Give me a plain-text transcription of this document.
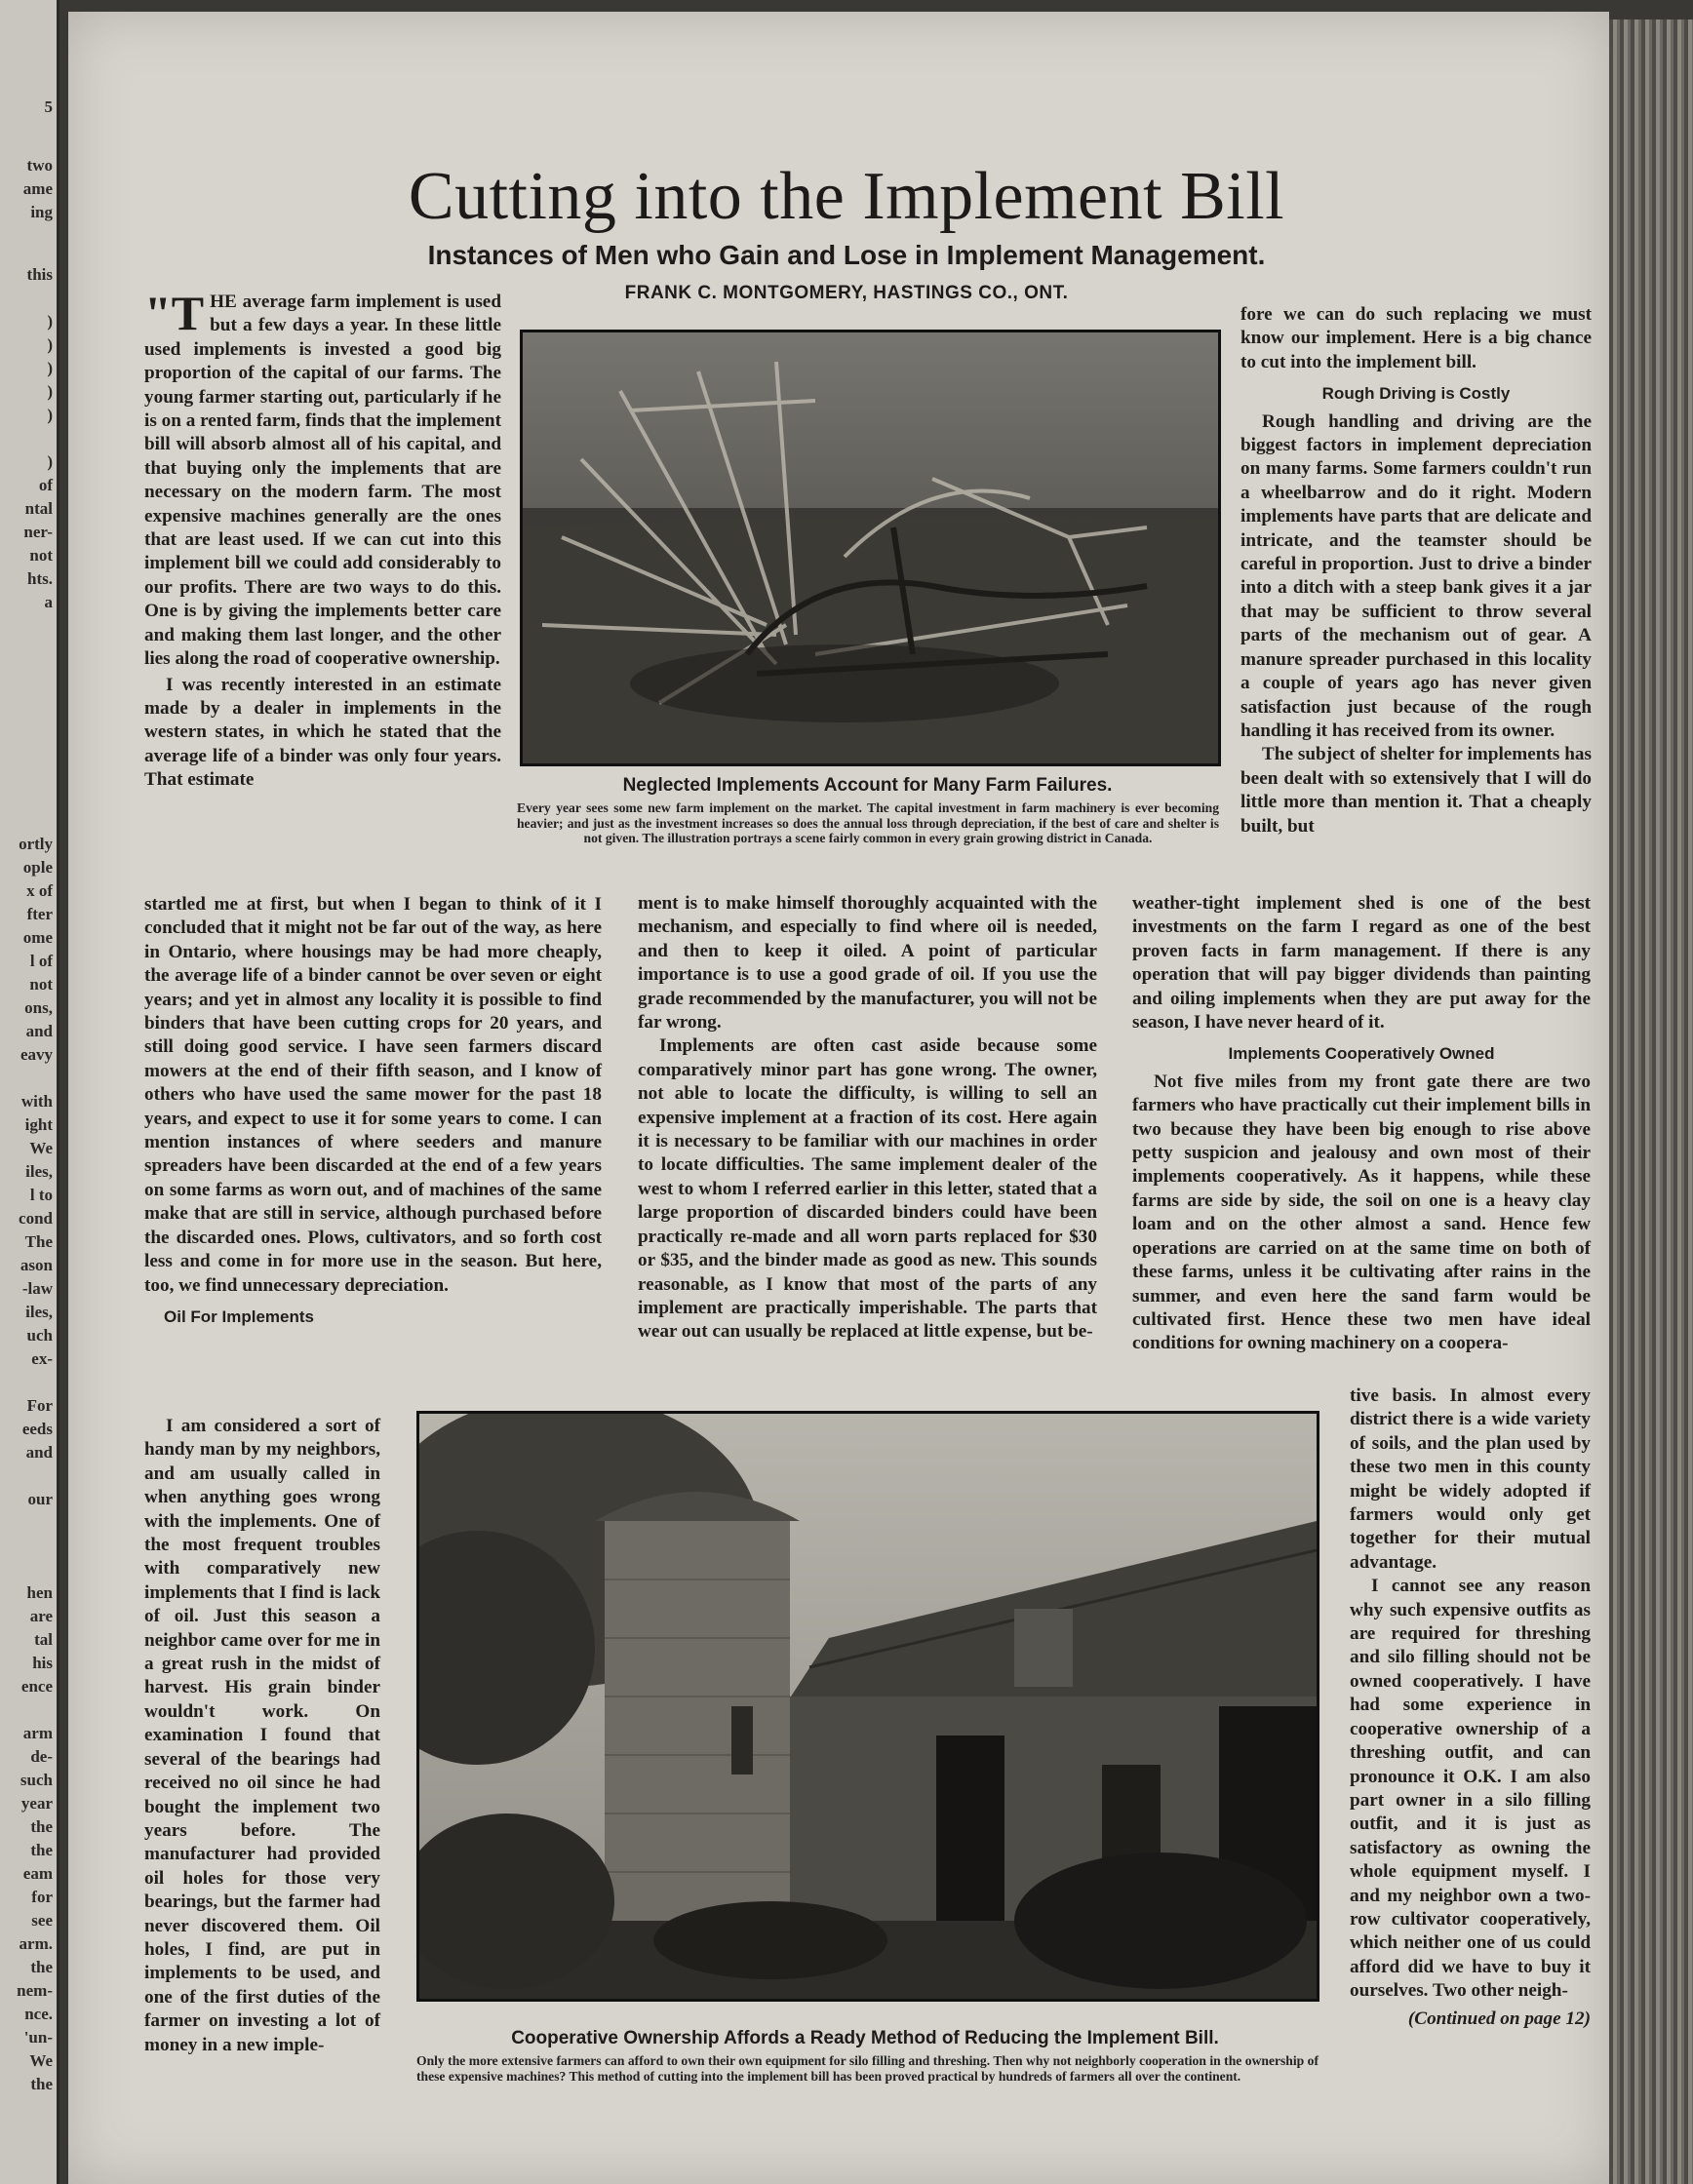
5
two
ame
ing
this
)
)
)
)
)
)
of
ntal
ner-
not
hts.
a
ortly
ople
x of
fter
ome
l of
not
ons,
and
eavy
with
ight
We
iles,
l to
cond
The
ason
-law
iles,
uch
ex-
For
eeds
and
our
hen
are
tal
his
ence
arm
de-
such
year
the
the
eam
for
see
arm.
the
nem-
nce.
'un-
We
the
Cutting into the Implement Bill
Instances of Men who Gain and Lose in Implement Management.
FRANK C. MONTGOMERY, HASTINGS CO., ONT.

"THE average farm implement is used but a few days a year. In these little used implements is invested a good big proportion of the capital of our farms. The young farmer starting out, particularly if he is on a rented farm, finds that the implement bill will absorb almost all of his capital, and that buying only the implements that are necessary on the modern farm. The most expensive machines generally are the ones that are least used. If we can cut into this implement bill we could add considerably to our profits. There are two ways to do this. One is by giving the implements better care and making them last longer, and the other lies along the road of cooperative ownership.

I was recently interested in an estimate made by a dealer in implements in the western states, in which he stated that the average life of a binder was only four years. That estimate	Neglected Implements Account for Many Farm Failures.
Every year sees some new farm implement on the market. The capital investment in farm machinery is ever becoming heavier; and just as the investment increases so does the annual loss through depreciation, if the best of care and shelter is not given. The illustration portrays a scene fairly common in every grain growing district in Canada.

fore we can do such replacing we must know our implement. Here is a big chance to cut into the implement bill.

Rough Driving is Costly

Rough handling and driving are the biggest factors in implement depreciation on many farms. Some farmers couldn't run a wheelbarrow and do it right. Modern implements have parts that are delicate and intricate, and the teamster should be careful in proportion. Just to drive a binder into a ditch with a steep bank gives it a jar that may be sufficient to throw several parts of the mechanism out of gear. A manure spreader purchased in this locality a couple of years ago has never given satisfaction just because of the rough handling it has received from its owner.

The subject of shelter for implements has been dealt with so extensively that I will do little more than mention it. That a cheaply built, but

startled me at first, but when I began to think of it I concluded that it might not be far out of the way, as here in Ontario, where housings may be had more cheaply, the average life of a binder cannot be over seven or eight years; and yet in almost any locality it is possible to find binders that have been cutting crops for 20 years, and still doing good service. I have seen farmers discard mowers at the end of their fifth season, and I know of others who have used the same mower for the past 18 years, and expect to use it for some years to come. I can mention instances of where seeders and manure spreaders have been discarded at the end of a few years on some farms as worn out, and of machines of the same make that are still in service, although purchased before the discarded ones. Plows, cultivators, and so forth cost less and come in for more use in the season. But here, too, we find unnecessary depreciation.

Oil For Implements

ment is to make himself thoroughly acquainted with the mechanism, and especially to find where oil is needed, and then to keep it oiled. A point of particular importance is to use a good grade of oil. If you use the grade recommended by the manufacturer, you will not be far wrong.

Implements are often cast aside because some comparatively minor part has gone wrong. The owner, not able to locate the difficulty, is willing to sell an expensive implement at a fraction of its cost. Here again it is necessary to be familiar with our machines in order to locate difficulties. The same implement dealer of the west to whom I referred earlier in this letter, stated that a large proportion of discarded binders could have been practically re-made and all worn parts replaced for $30 or $35, and the binder made as good as new. This sounds reasonable, as I know that most of the parts of any implement are practically imperishable. The parts that wear out can usually be replaced at little expense, but be-

weather-tight implement shed is one of the best investments on the farm I regard as one of the best proven facts in farm management. If there is any operation that will pay bigger dividends than painting and oiling implements when they are put away for the season, I have never heard of it.

Implements Cooperatively Owned

Not five miles from my front gate there are two farmers who have practically cut their implement bills in two because they have been big enough to rise above petty suspicion and jealousy and own most of their implements cooperatively. As it happens, while these farms are side by side, the soil on one is a heavy clay loam and on the other almost a sand. Hence few operations are carried on at the same time on both of these farms, unless it be cultivating after rains in the summer, and even here the sand farm would be cultivated first. Hence these two men have ideal conditions for owning machinery on a coopera-

I am considered a sort of handy man by my neighbors, and am usually called in when anything goes wrong with the implements. One of the most frequent troubles with comparatively new implements that I find is lack of oil. Just this season a neighbor came over for me in a great rush in the midst of harvest. His grain binder wouldn't work. On examination I found that several of the bearings had received no oil since he had bought the implement two years before. The manufacturer had provided oil holes for those very bearings, but the farmer had never discovered them. Oil holes, I find, are put in implements to be used, and one of the first duties of the farmer on investing a lot of money in a new imple-

tive basis. In almost every district there is a wide variety of soils, and the plan used by these two men in this county might be widely adopted if farmers would only get together for their mutual advantage.

I cannot see any reason why such expensive outfits as are required for threshing and silo filling should not be owned cooperatively. I have had some experience in cooperative ownership of a threshing outfit, and can pronounce it O.K. I am also part owner in a silo filling outfit, and it is just as satisfactory as owning the whole equipment myself. I and my neighbor own a two-row cultivator cooperatively, which neither one of us could afford did we have to buy it ourselves. Two other neigh-

(Continued on page 12)

Cooperative Ownership Affords a Ready Method of Reducing the Implement Bill.
Only the more extensive farmers can afford to own their own equipment for silo filling and threshing. Then why not neighborly cooperation in the ownership of these expensive machines? This method of cutting into the implement bill has been proved practical by hundreds of farmers all over the continent.
